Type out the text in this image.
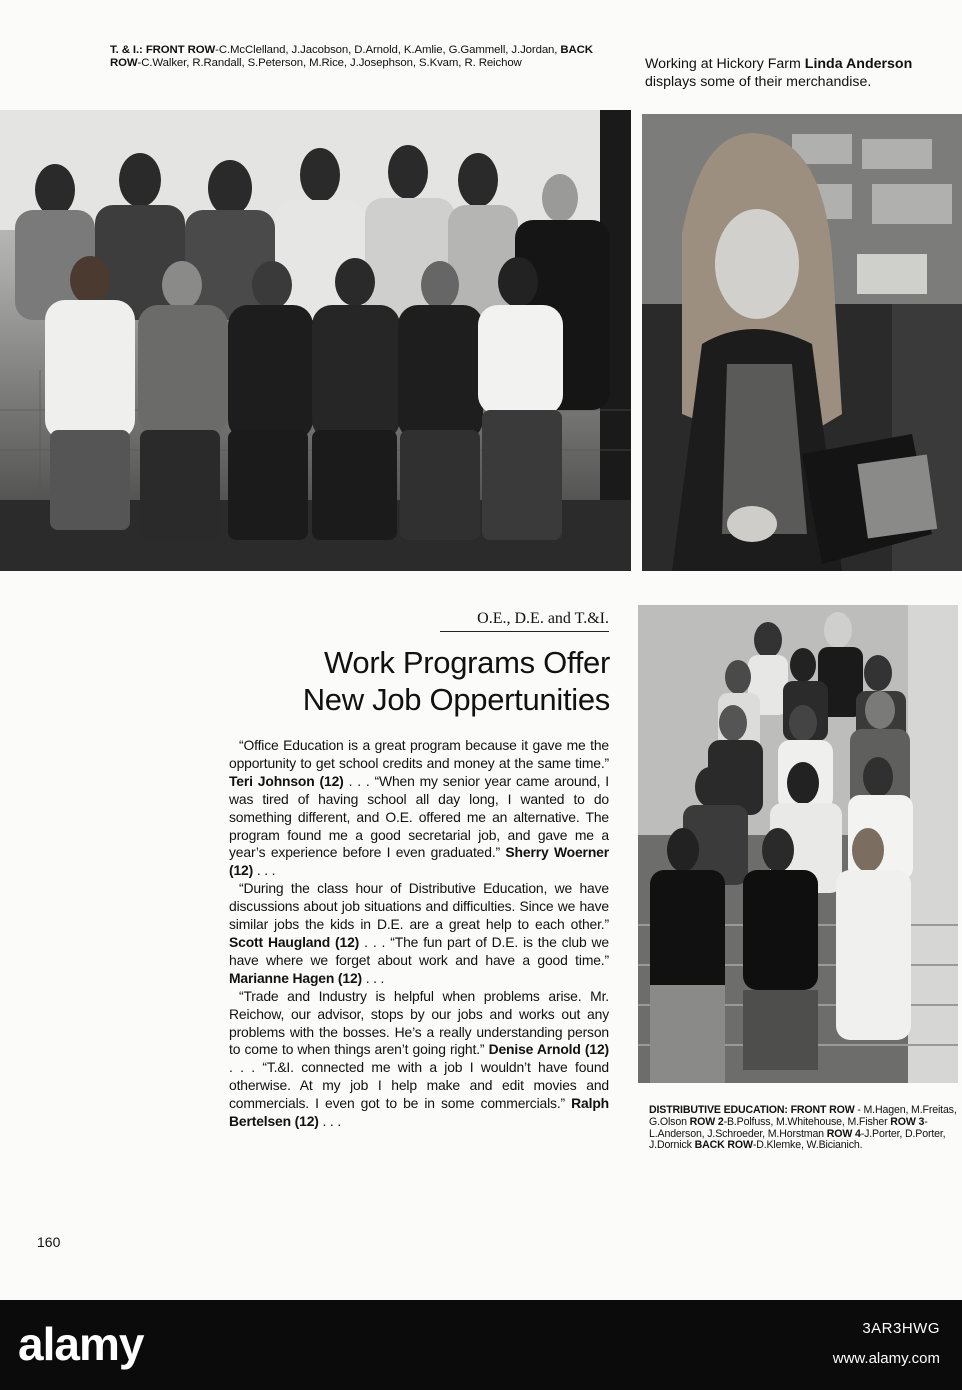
T. & I.: FRONT ROW-C.McClelland, J.Jacobson, D.Arnold, K.Amlie, G.Gammell, J.Jordan, BACK ROW-C.Walker, R.Randall, S.Peterson, M.Rice, J.Josephson, S.Kvam, R. Reichow	Working at Hickory Farm Linda Anderson displays some of their merchandise.
O.E., D.E. and T.&I.
Work Programs Offer
New Job Oppertunities

“Office Education is a great program because it gave me the opportunity to get school credits and money at the same time.” Teri Johnson (12) . . . “When my senior year came around, I was tired of having school all day long, I wanted to do something different, and O.E. offered me an alternative. The program found me a good secretarial job, and gave me a year’s experience before I even graduated.” Sherry Woerner (12) . . .

“During the class hour of Distributive Education, we have discussions about job situations and difficulties. Since we have similar jobs the kids in D.E. are a great help to each other.” Scott Haugland (12) . . . “The fun part of D.E. is the club we have where we forget about work and have a good time.” Marianne Hagen (12) . . .

“Trade and Industry is helpful when problems arise. Mr. Reichow, our advisor, stops by our jobs and works out any problems with the bosses. He’s a really understanding person to come to when things aren’t going right.” Denise Arnold (12) . . . “T.&I. connected me with a job I wouldn’t have found otherwise. At my job I help make and edit movies and commercials. I even got to be in some commercials.” Ralph Bertelsen (12) . . .

DISTRIBUTIVE EDUCATION: FRONT ROW - M.Hagen, M.Freitas, G.Olson ROW 2-B.Polfuss, M.Whitehouse, M.Fisher ROW 3-L.Anderson, J.Schroeder, M.Horstman ROW 4-J.Porter, D.Porter, J.Dornick BACK ROW-D.Klemke, W.Bicianich.
160
alamy	3AR3HWG
www.alamy.com
